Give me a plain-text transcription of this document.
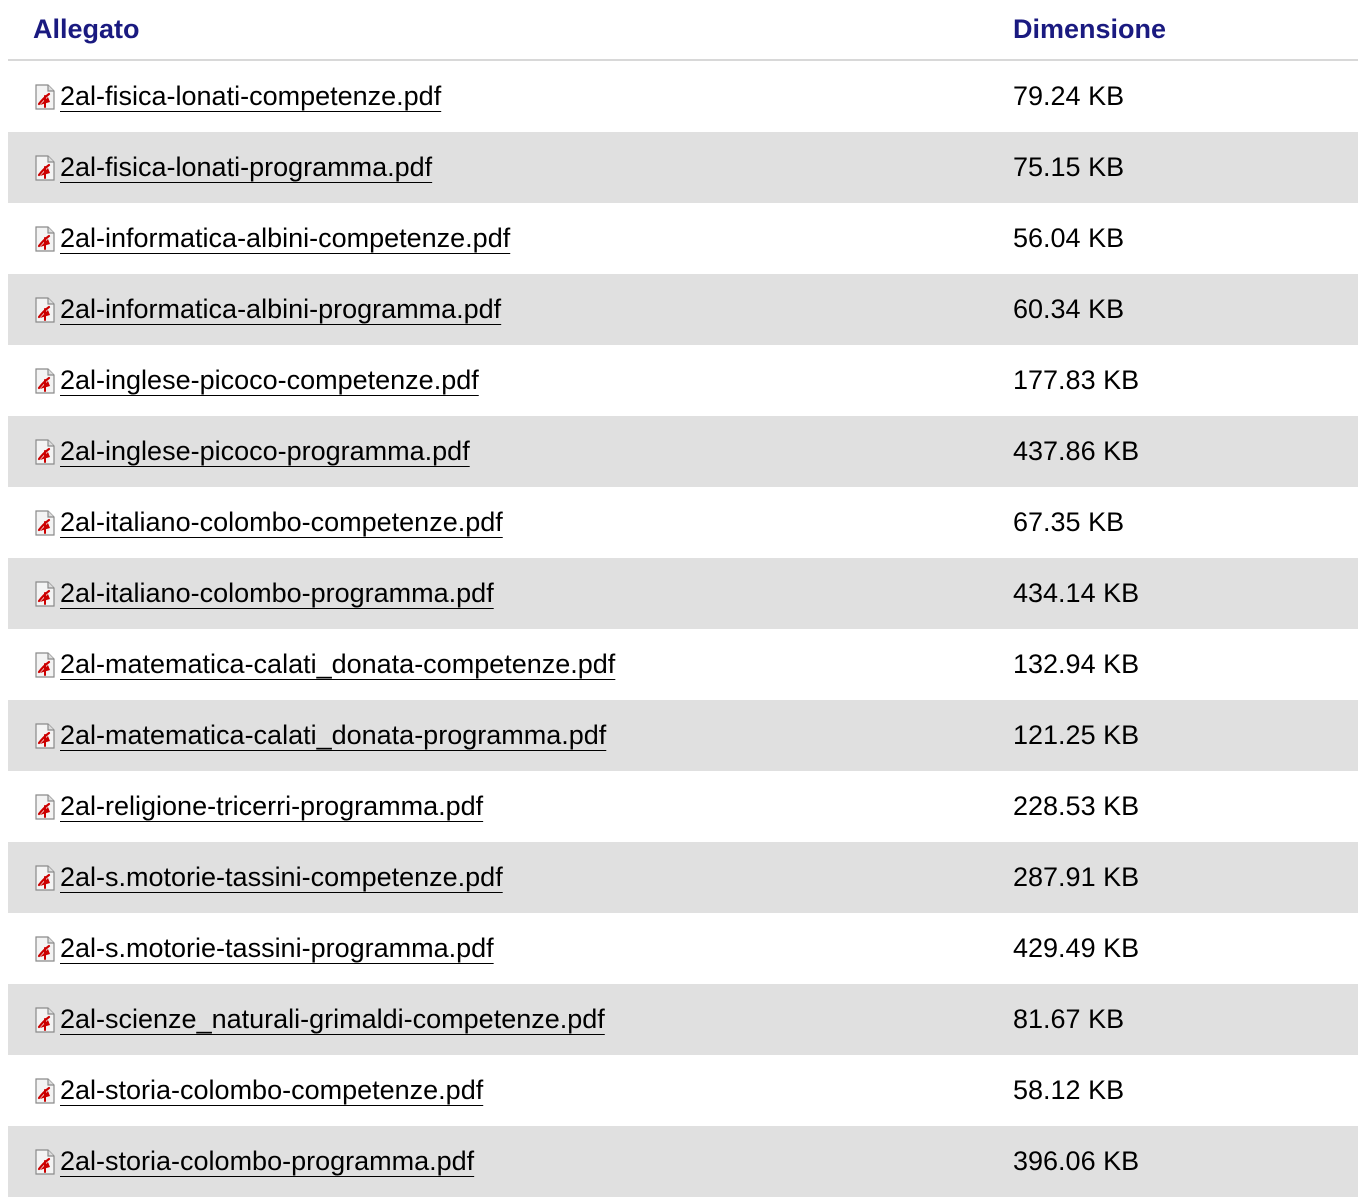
Allegato	Dimensione
2al-fisica-lonati-competenze.pdf	79.24 KB
2al-fisica-lonati-programma.pdf	75.15 KB
2al-informatica-albini-competenze.pdf	56.04 KB
2al-informatica-albini-programma.pdf	60.34 KB
2al-inglese-picoco-competenze.pdf	177.83 KB
2al-inglese-picoco-programma.pdf	437.86 KB
2al-italiano-colombo-competenze.pdf	67.35 KB
2al-italiano-colombo-programma.pdf	434.14 KB
2al-matematica-calati_donata-competenze.pdf	132.94 KB
2al-matematica-calati_donata-programma.pdf	121.25 KB
2al-religione-tricerri-programma.pdf	228.53 KB
2al-s.motorie-tassini-competenze.pdf	287.91 KB
2al-s.motorie-tassini-programma.pdf	429.49 KB
2al-scienze_naturali-grimaldi-competenze.pdf	81.67 KB
2al-storia-colombo-competenze.pdf	58.12 KB
2al-storia-colombo-programma.pdf	396.06 KB
